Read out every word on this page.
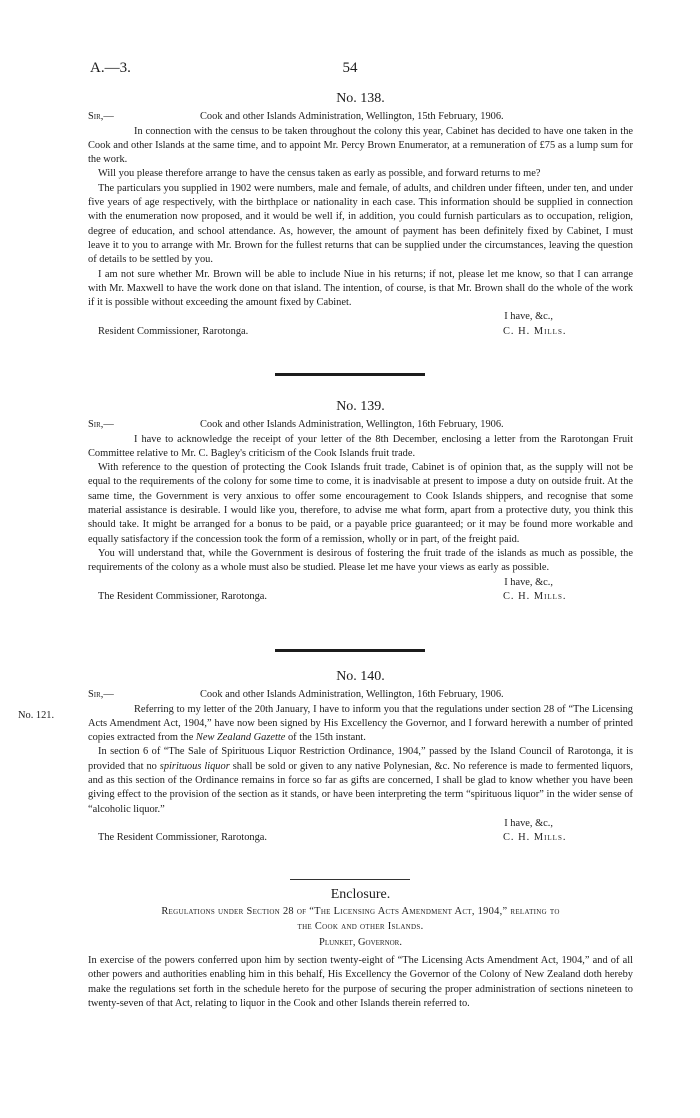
A.—3.	54
No. 138.
Sir,—	Cook and other Islands Administration, Wellington, 15th February, 1906.

In connection with the census to be taken throughout the colony this year, Cabinet has decided to have one taken in the Cook and other Islands at the same time, and to appoint Mr. Percy Brown Enumerator, at a remuneration of £75 as a lump sum for the work.

Will you please therefore arrange to have the census taken as early as possible, and forward returns to me?

The particulars you supplied in 1902 were numbers, male and female, of adults, and children under fifteen, under ten, and under five years of age respectively, with the birthplace or nationality in each case. This information should be supplied in connection with the enumeration now proposed, and it would be well if, in addition, you could furnish particulars as to occupation, religion, degree of education, and school attendance. As, however, the amount of payment has been definitely fixed by Cabinet, I must leave it to you to arrange with Mr. Brown for the fullest returns that can be supplied under the circumstances, leaving the question of details to be settled by you.

I am not sure whether Mr. Brown will be able to include Niue in his returns; if not, please let me know, so that I can arrange with Mr. Maxwell to have the work done on that island. The intention, of course, is that Mr. Brown shall do the whole of the work if it is possible without exceeding the amount fixed by Cabinet.

I have, &c.,
Resident Commissioner, Rarotonga.	C. H. Mills.
No. 139.
Sir,—	Cook and other Islands Administration, Wellington, 16th February, 1906.

I have to acknowledge the receipt of your letter of the 8th December, enclosing a letter from the Rarotongan Fruit Committee relative to Mr. C. Bagley's criticism of the Cook Islands fruit trade.

With reference to the question of protecting the Cook Islands fruit trade, Cabinet is of opinion that, as the supply will not be equal to the requirements of the colony for some time to come, it is inadvisable at present to impose a duty on outside fruit. At the same time, the Government is very anxious to offer some encouragement to Cook Islands shippers, and recognise that some material assistance is desirable. I would like you, therefore, to advise me what form, apart from a protective duty, you think this should take. It might be arranged for a bonus to be paid, or a payable price guaranteed; or it may be found more workable and equally satisfactory if the concession took the form of a remission, wholly or in part, of the freight paid.

You will understand that, while the Government is desirous of fostering the fruit trade of the islands as much as possible, the requirements of the colony as a whole must also be studied. Please let me have your views as early as possible.

I have, &c.,
The Resident Commissioner, Rarotonga.	C. H. Mills.
No. 121.
No. 140.
Sir,—	Cook and other Islands Administration, Wellington, 16th February, 1906.

Referring to my letter of the 20th January, I have to inform you that the regulations under section 28 of “The Licensing Acts Amendment Act, 1904,” have now been signed by His Excellency the Governor, and I forward herewith a number of printed copies extracted from the New Zealand Gazette of the 15th instant.

In section 6 of “The Sale of Spirituous Liquor Restriction Ordinance, 1904,” passed by the Island Council of Rarotonga, it is provided that no spirituous liquor shall be sold or given to any native Polynesian, &c. No reference is made to fermented liquors, and as this section of the Ordinance remains in force so far as gifts are concerned, I shall be glad to know whether you have been giving effect to the provision of the section as it stands, or have been interpreting the term “spirituous liquor” in the wider sense of “alcoholic liquor.”

I have, &c.,
The Resident Commissioner, Rarotonga.	C. H. Mills.
Enclosure.
Regulations under Section 28 of “The Licensing Acts Amendment Act, 1904,” relating to
the Cook and other Islands.
Plunket, Governor.

In exercise of the powers conferred upon him by section twenty-eight of “The Licensing Acts Amendment Act, 1904,” and of all other powers and authorities enabling him in this behalf, His Excellency the Governor of the Colony of New Zealand doth hereby make the regulations set forth in the schedule hereto for the purpose of securing the proper administration of sections nineteen to twenty-seven of that Act, relating to liquor in the Cook and other Islands therein referred to.
